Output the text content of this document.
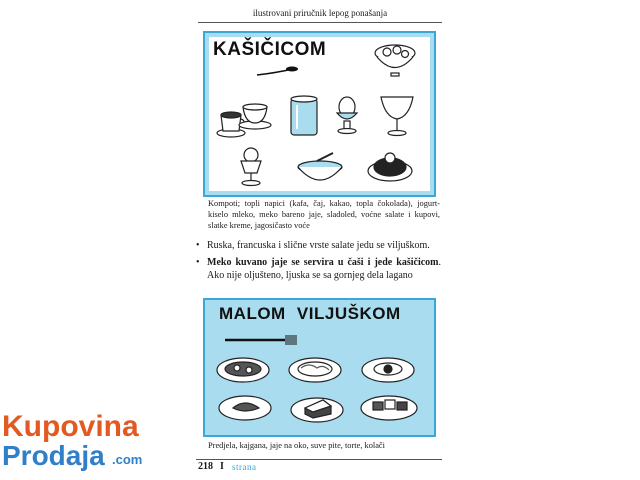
ilustrovani priručnik lepog ponašanja
KAŠIČICOM
Kompoti; topli napici (kafa, čaj, kakao, topla čokolada), jogurt-kiselo mleko, meko bareno jaje, sladoled, voćne salate i kupovi, slatke kreme, jagosičasto voće
• Ruska, francuska i slične vrste salate jedu se viljuškom.
• Meko kuvano jaje se servira u čaši i jede kašičicom. Ako nije oljušteno, ljuska se sa gornjeg dela lagano
MALOM VILJUŠKOM
Predjela, kajgana, jaje na oko, suve pite, torte, kolači
218 I strana
Kupovina
Prodaja .com
